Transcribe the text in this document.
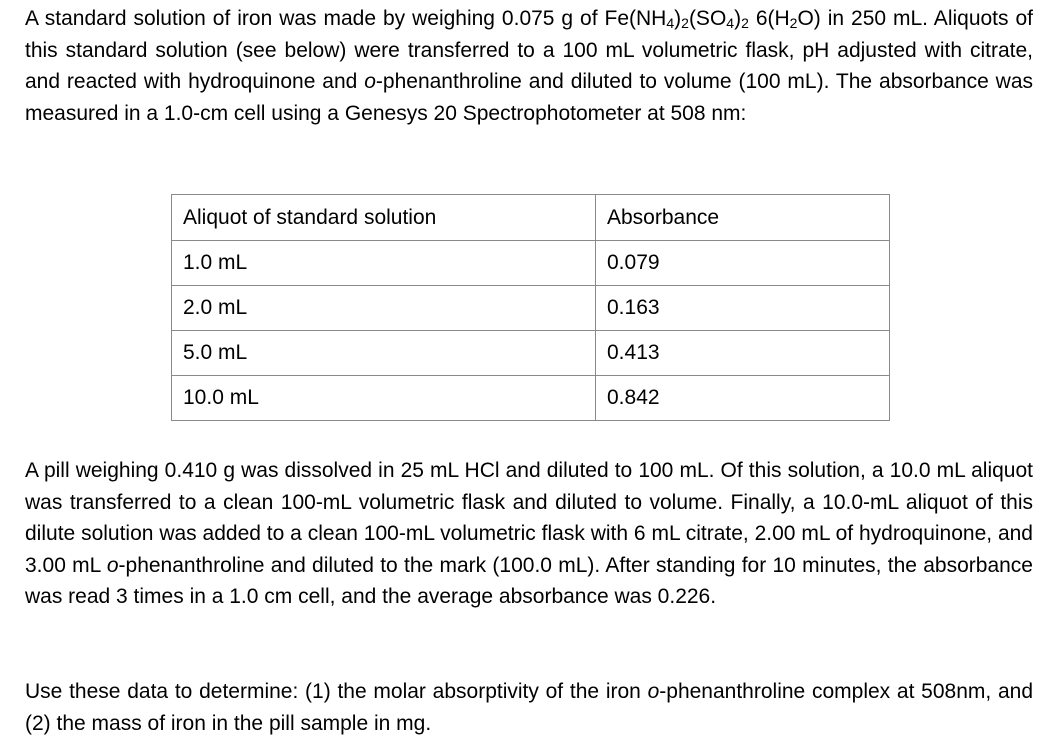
A standard solution of iron was made by weighing 0.075 g of $Fe(NH_4)_2(SO_4)_2$ $6(H_2O)$ in 250 mL. Aliquots of this standard solution (see below) were transferred to a 100 mL volumetric flask, pH adjusted with citrate, and reacted with hydroquinone and o-phenanthroline and diluted to volume (100 mL). The absorbance was measured in a 1.0-cm cell using a Genesys 20 Spectrophotometer at 508 nm:

Aliquot of standard solution	Absorbance
1.0 mL	0.079
2.0 mL	0.163
5.0 mL	0.413
10.0 mL	0.842

A pill weighing 0.410 g was dissolved in 25 mL HCl and diluted to 100 mL. Of this solution, a 10.0 mL aliquot was transferred to a clean 100-mL volumetric flask and diluted to volume. Finally, a 10.0-mL aliquot of this dilute solution was added to a clean 100-mL volumetric flask with 6 mL citrate, 2.00 mL of hydroquinone, and 3.00 mL o-phenanthroline and diluted to the mark (100.0 mL). After standing for 10 minutes, the absorbance was read 3 times in a 1.0 cm cell, and the average absorbance was 0.226.

Use these data to determine: (1) the molar absorptivity of the iron o-phenanthroline complex at 508nm, and (2) the mass of iron in the pill sample in mg.
